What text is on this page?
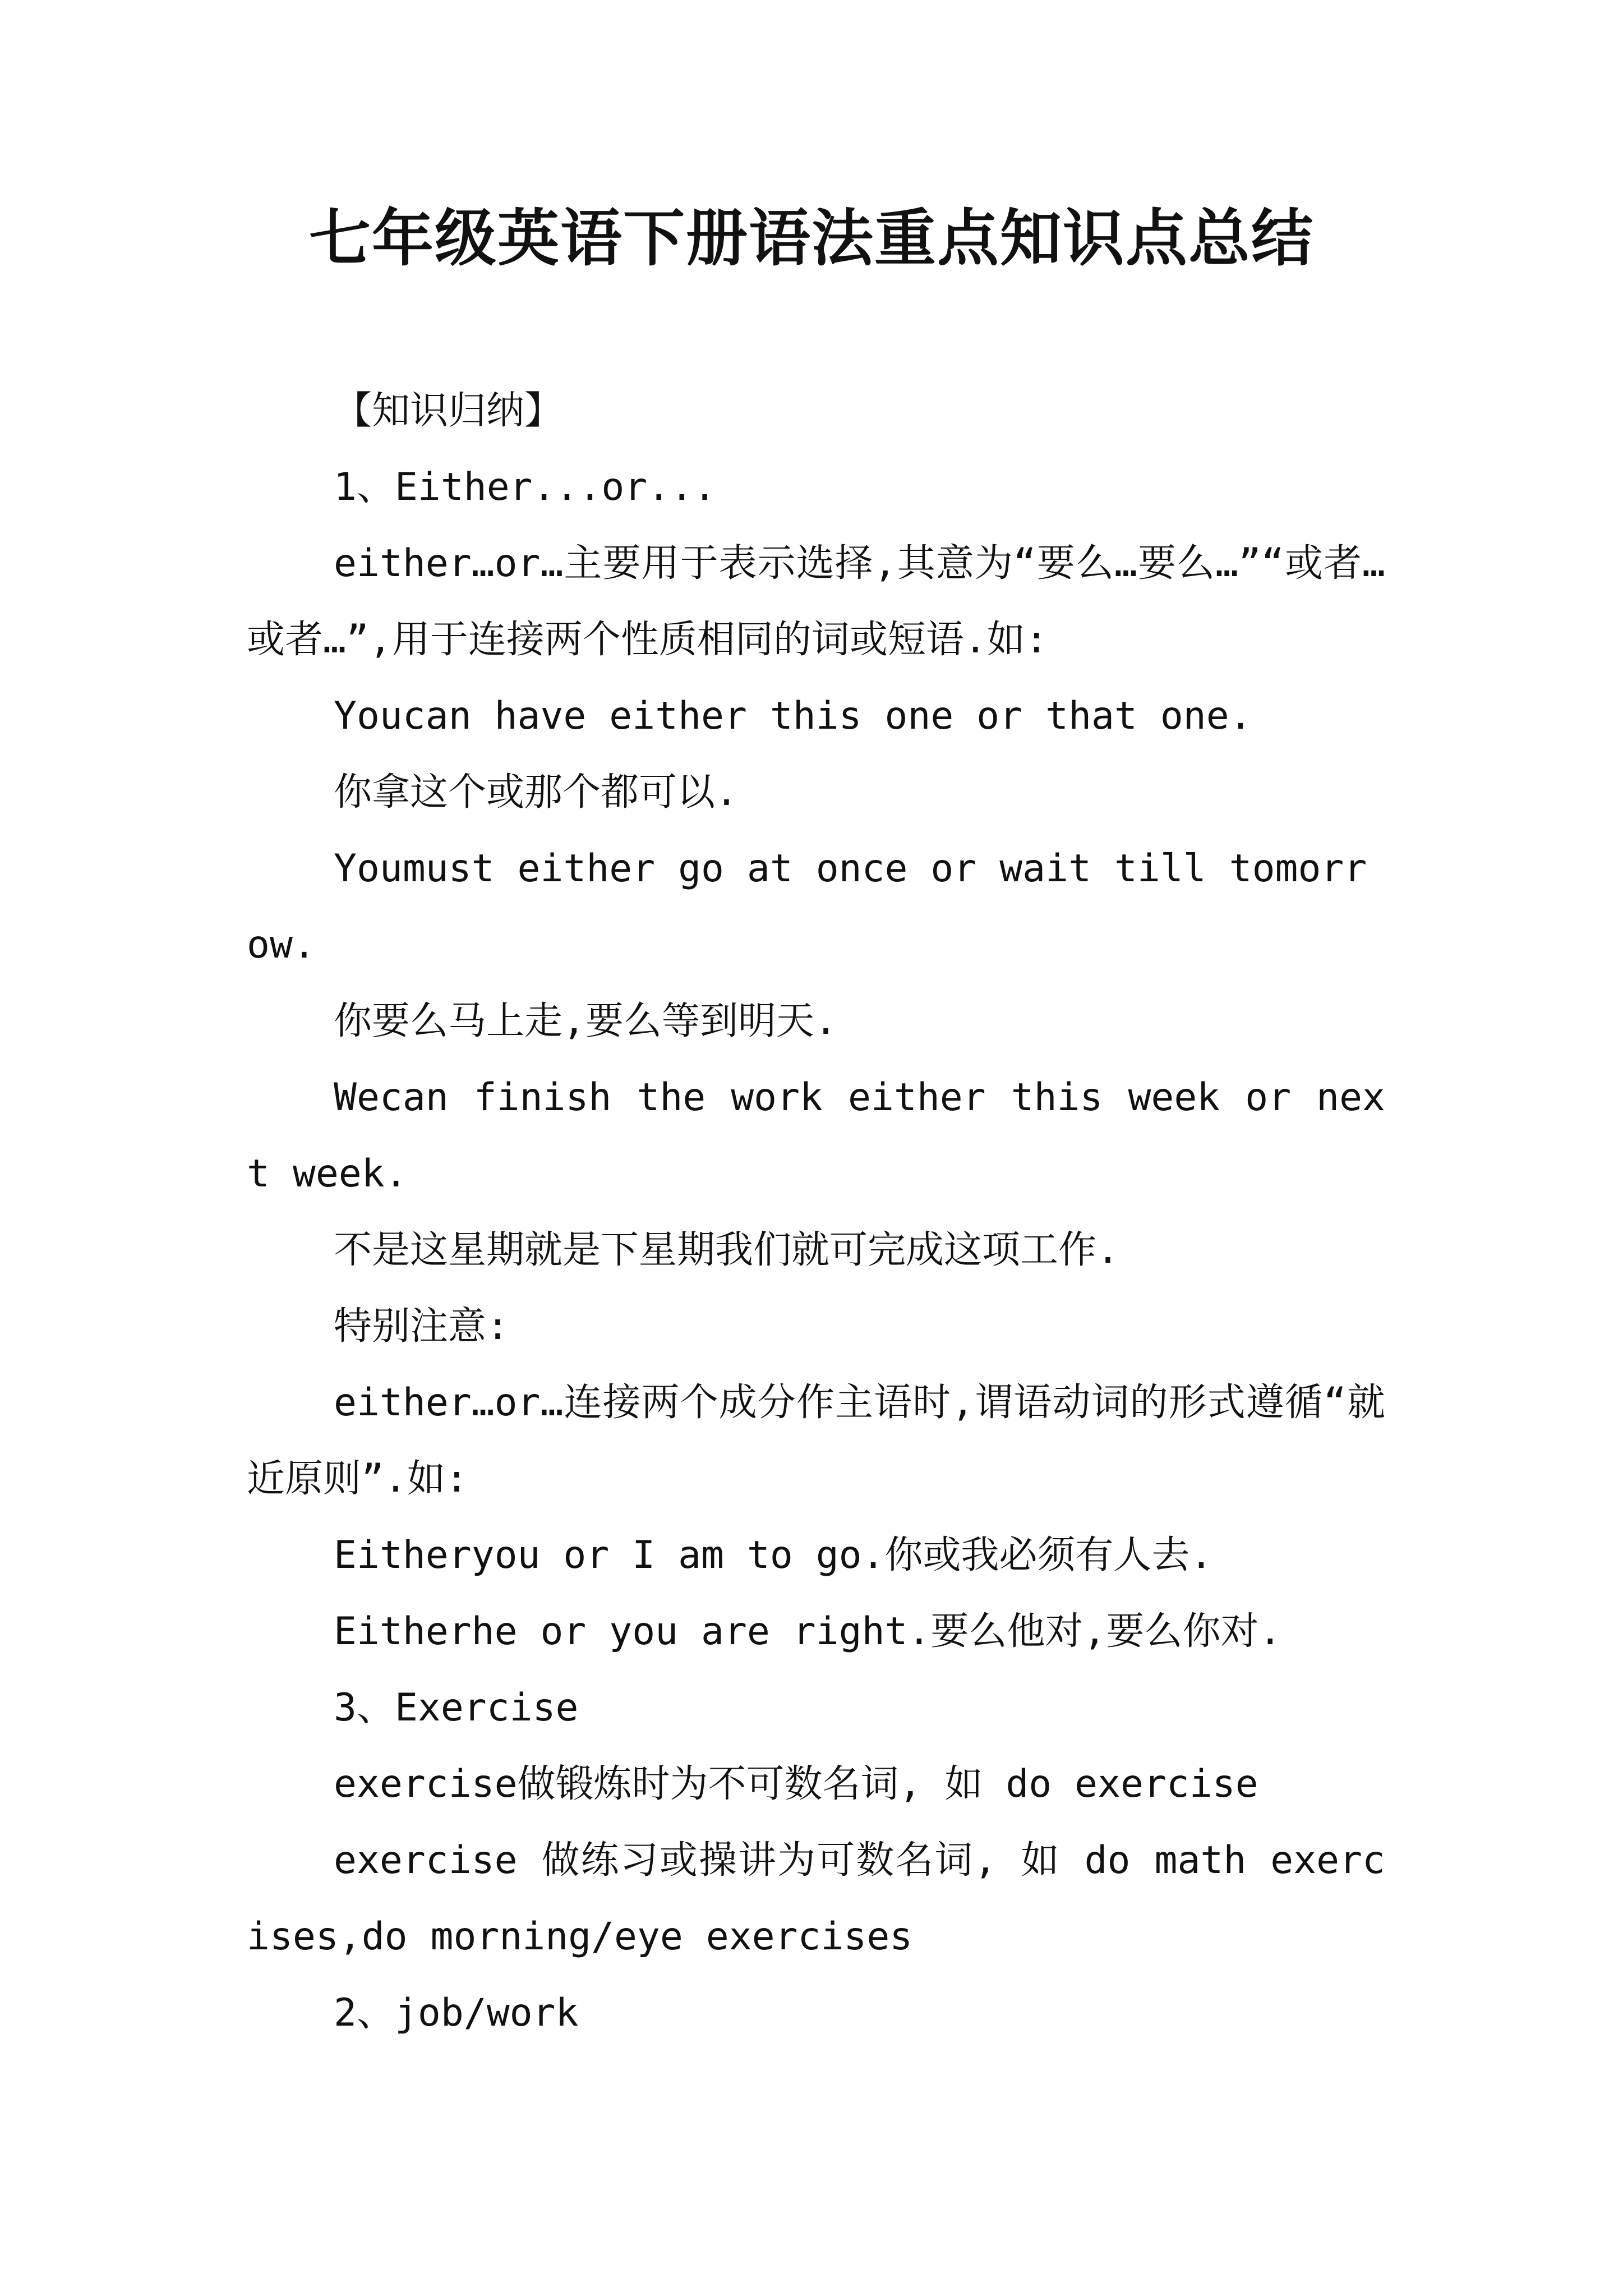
七年级英语下册语法重点知识点总结

【知识归纳】

1、Either...or...

either…or…主要用于表示选择,其意为“要么…要么…”“或者…或者…”,用于连接两个性质相同的词或短语.如:

Youcan have either this one or that one.

你拿这个或那个都可以.

Youmust either go at once or wait till tomorrow.

你要么马上走,要么等到明天.

Wecan finish the work either this week or next week.

不是这星期就是下星期我们就可完成这项工作.

特别注意:

either…or…连接两个成分作主语时,谓语动词的形式遵循“就近原则”.如:

Eitheryou or I am to go.你或我必须有人去.

Eitherhe or you are right.要么他对,要么你对.

3、Exercise

exercise做锻炼时为不可数名词, 如 do exercise

exercise 做练习或操讲为可数名词, 如 do math exercises,do morning/eye exercises

2、job/work
